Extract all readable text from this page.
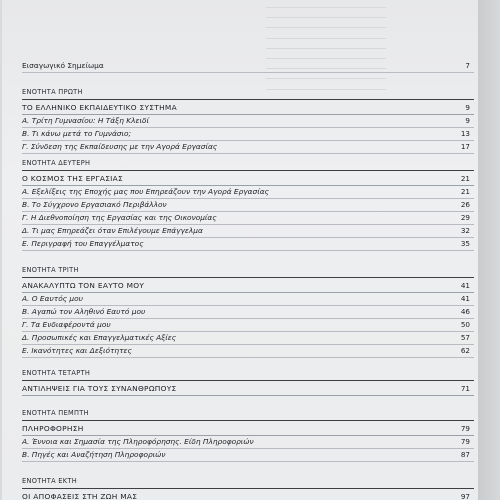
Εισαγωγικό Σημείωμα	7
ΕΝΟΤΗΤΑ ΠΡΩΤΗ
ΤΟ ΕΛΛΗΝΙΚΟ ΕΚΠΑΙΔΕΥΤΙΚΟ ΣΥΣΤΗΜΑ	9
Α. Τρίτη Γυμνασίου: Η Τάξη Κλειδί	9
Β. Τι κάνω μετά το Γυμνάσιο;	13
Γ. Σύνδεση της Εκπαίδευσης με την Αγορά Εργασίας	17
ΕΝΟΤΗΤΑ ΔΕΥΤΕΡΗ
Ο ΚΟΣΜΟΣ ΤΗΣ ΕΡΓΑΣΙΑΣ	21
Α. Εξελίξεις της Εποχής μας που Επηρεάζουν την Αγορά Εργασίας	21
Β. Το Σύγχρονο Εργασιακό Περιβάλλον	26
Γ. Η Διεθνοποίηση της Εργασίας και της Οικονομίας	29
Δ. Τι μας Επηρεάζει όταν Επιλέγουμε Επάγγελμα	32
Ε. Περιγραφή του Επαγγέλματος	35
ΕΝΟΤΗΤΑ ΤΡΙΤΗ
ΑΝΑΚΑΛΥΠΤΩ ΤΟΝ ΕΑΥΤΟ ΜΟΥ	41
Α. Ο Εαυτός μου	41
Β. Αγαπώ τον Αληθινό Εαυτό μου	46
Γ. Τα Ενδιαφέροντά μου	50
Δ. Προσωπικές και Επαγγελματικές Αξίες	57
Ε. Ικανότητες και Δεξιότητες	62
ΕΝΟΤΗΤΑ ΤΕΤΑΡΤΗ
ΑΝΤΙΛΗΨΕΙΣ ΓΙΑ ΤΟΥΣ ΣΥΝΑΝΘΡΩΠΟΥΣ	71
ΕΝΟΤΗΤΑ ΠΕΜΠΤΗ
ΠΛΗΡΟΦΟΡΗΣΗ	79
Α. Έννοια και Σημασία της Πληροφόρησης. Είδη Πληροφοριών	79
Β. Πηγές και Αναζήτηση Πληροφοριών	87
ΕΝΟΤΗΤΑ ΕΚΤΗ
ΟΙ ΑΠΟΦΑΣΕΙΣ ΣΤΗ ΖΩΗ ΜΑΣ	97
